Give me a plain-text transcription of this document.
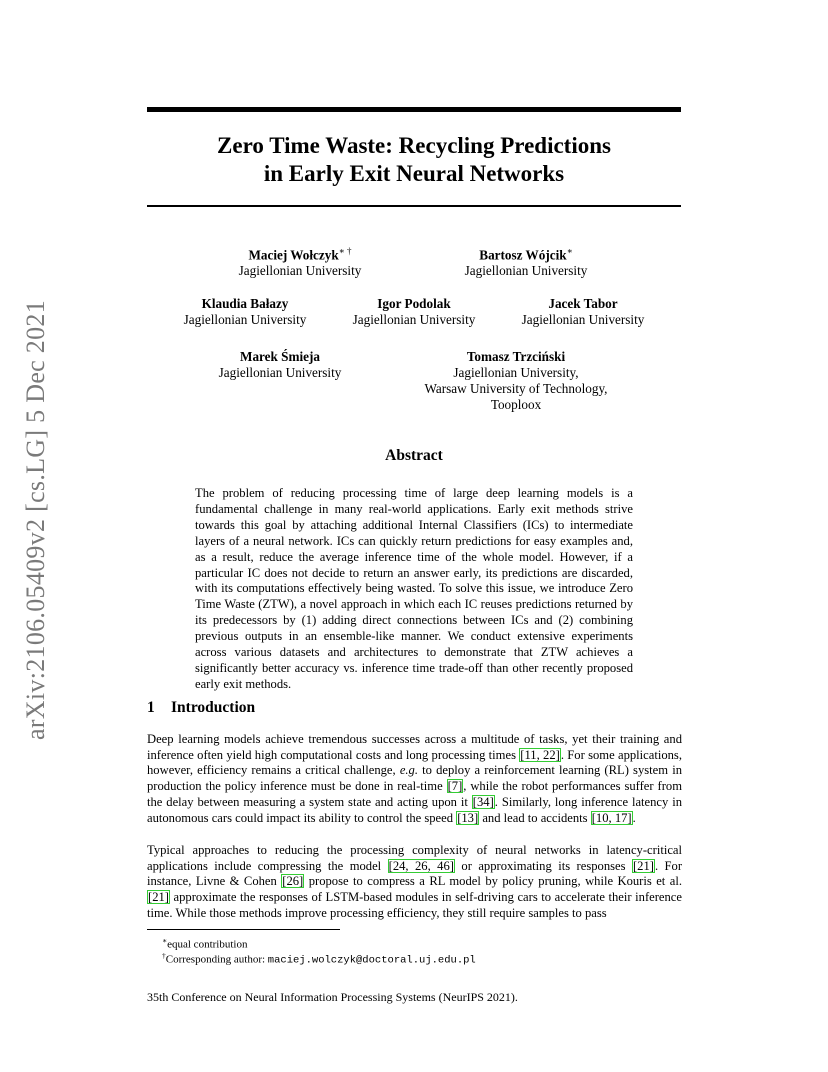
arXiv:2106.05409v2 [cs.LG] 5 Dec 2021
Zero Time Waste: Recycling Predictions
in Early Exit Neural Networks
Maciej Wołczyk∗ †
Jagiellonian University
Bartosz Wójcik∗
Jagiellonian University
Klaudia Bałazy
Jagiellonian University
Igor Podolak
Jagiellonian University
Jacek Tabor
Jagiellonian University
Marek Śmieja
Jagiellonian University
Tomasz Trzciński
Jagiellonian University,
Warsaw University of Technology,
Tooploox
Abstract
The problem of reducing processing time of large deep learning models is a fundamental challenge in many real-world applications. Early exit methods strive towards this goal by attaching additional Internal Classifiers (ICs) to intermediate layers of a neural network. ICs can quickly return predictions for easy examples and, as a result, reduce the average inference time of the whole model. However, if a particular IC does not decide to return an answer early, its predictions are discarded, with its computations effectively being wasted. To solve this issue, we introduce Zero Time Waste (ZTW), a novel approach in which each IC reuses predictions returned by its predecessors by (1) adding direct connections between ICs and (2) combining previous outputs in an ensemble-like manner. We conduct extensive experiments across various datasets and architectures to demonstrate that ZTW achieves a significantly better accuracy vs. inference time trade-off than other recently proposed early exit methods.
1 Introduction
Deep learning models achieve tremendous successes across a multitude of tasks, yet their training and inference often yield high computational costs and long processing times [11, 22]. For some applications, however, efficiency remains a critical challenge, e.g. to deploy a reinforcement learning (RL) system in production the policy inference must be done in real-time [7], while the robot performances suffer from the delay between measuring a system state and acting upon it [34]. Similarly, long inference latency in autonomous cars could impact its ability to control the speed [13] and lead to accidents [10, 17].
Typical approaches to reducing the processing complexity of neural networks in latency-critical applications include compressing the model [24, 26, 46] or approximating its responses [21]. For instance, Livne & Cohen [26] propose to compress a RL model by policy pruning, while Kouris et al. [21] approximate the responses of LSTM-based modules in self-driving cars to accelerate their inference time. While those methods improve processing efficiency, they still require samples to pass
∗equal contribution
†Corresponding author: maciej.wolczyk@doctoral.uj.edu.pl
35th Conference on Neural Information Processing Systems (NeurIPS 2021).
